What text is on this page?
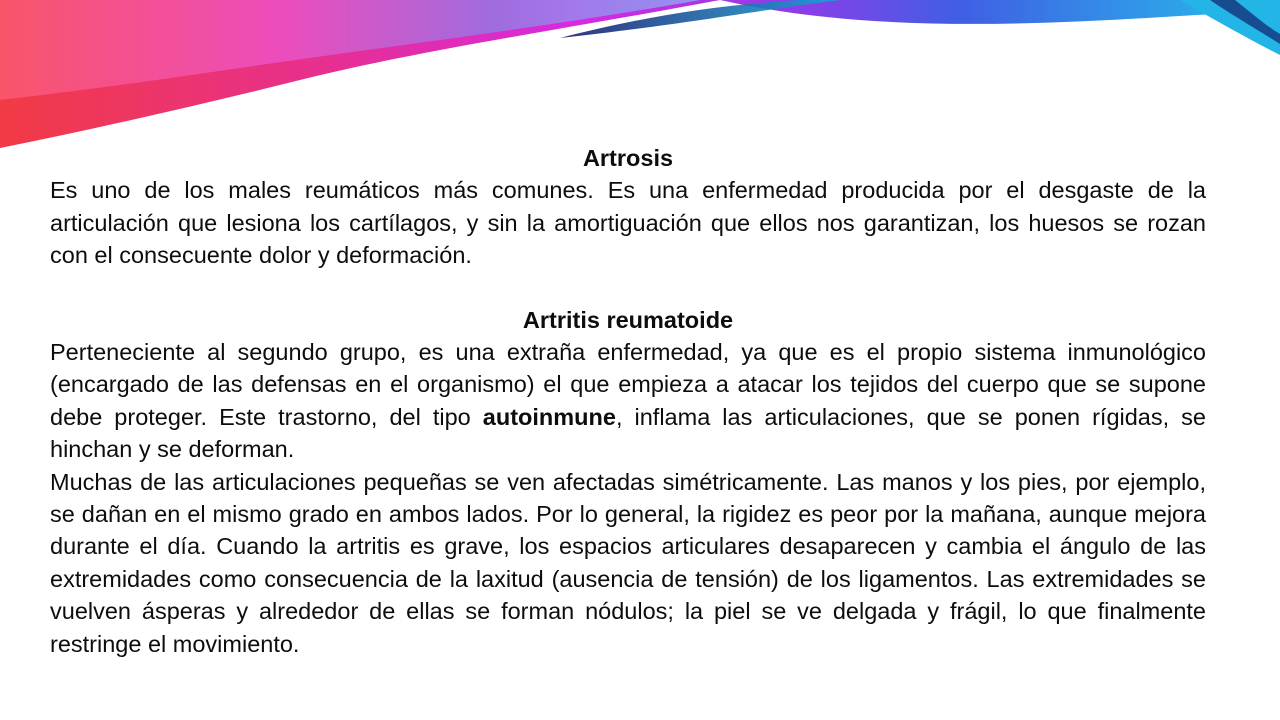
Artrosis

Es uno de los males reumáticos más comunes. Es una enfermedad producida por el desgaste de la articulación que lesiona los cartílagos, y sin la amortiguación que ellos nos garantizan, los huesos se rozan con el consecuente dolor y deformación.

Artritis reumatoide

Perteneciente al segundo grupo, es una extraña enfermedad, ya que es el propio sistema inmunológico (encargado de las defensas en el organismo) el que empieza a atacar los tejidos del cuerpo que se supone debe proteger. Este trastorno, del tipo autoinmune, inflama las articulaciones, que se ponen rígidas, se hinchan y se deforman.

Muchas de las articulaciones pequeñas se ven afectadas simétricamente. Las manos y los pies, por ejemplo, se dañan en el mismo grado en ambos lados. Por lo general, la rigidez es peor por la mañana, aunque mejora durante el día. Cuando la artritis es grave, los espacios articulares desaparecen y cambia el ángulo de las extremidades como consecuencia de la laxitud (ausencia de tensión) de los ligamentos. Las extremidades se vuelven ásperas y alrededor de ellas se forman nódulos; la piel se ve delgada y frágil, lo que finalmente restringe el movimiento.
